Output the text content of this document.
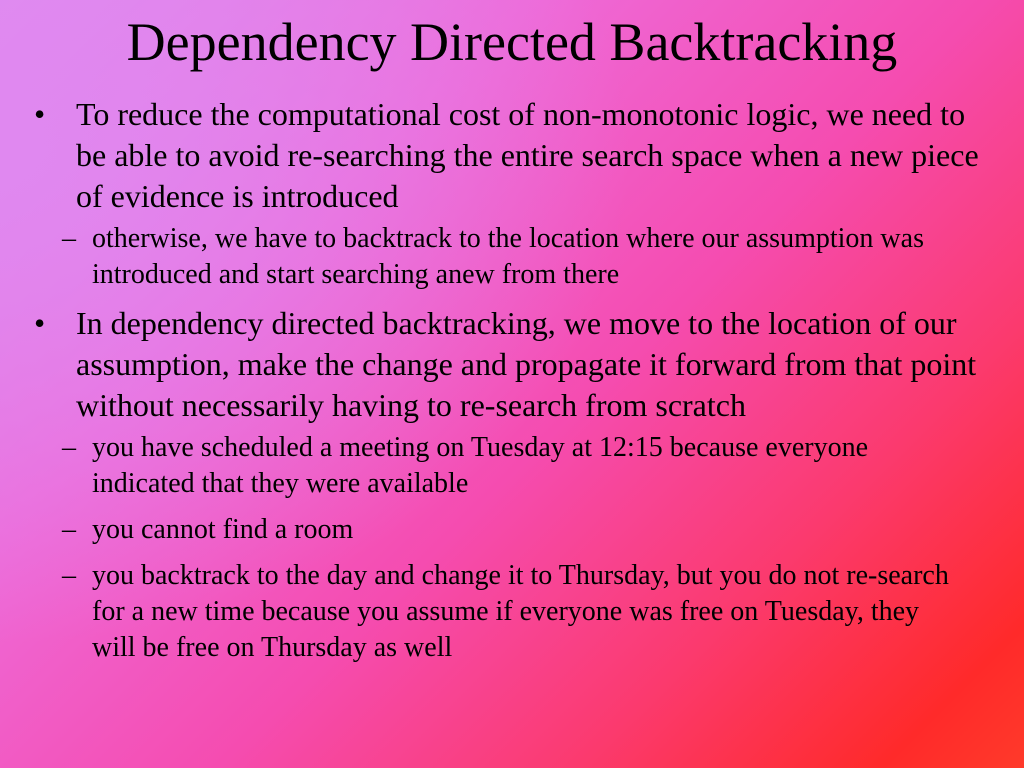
Dependency Directed Backtracking
• To reduce the computational cost of non-monotonic logic, we need to be able to avoid re-searching the entire search space when a new piece of evidence is introduced
– otherwise, we have to backtrack to the location where our assumption was introduced and start searching anew from there
• In dependency directed backtracking, we move to the location of our assumption, make the change and propagate it forward from that point without necessarily having to re-search from scratch
– you have scheduled a meeting on Tuesday at 12:15 because everyone indicated that they were available
– you cannot find a room
– you backtrack to the day and change it to Thursday, but you do not re-search for a new time because you assume if everyone was free on Tuesday, they will be free on Thursday as well
